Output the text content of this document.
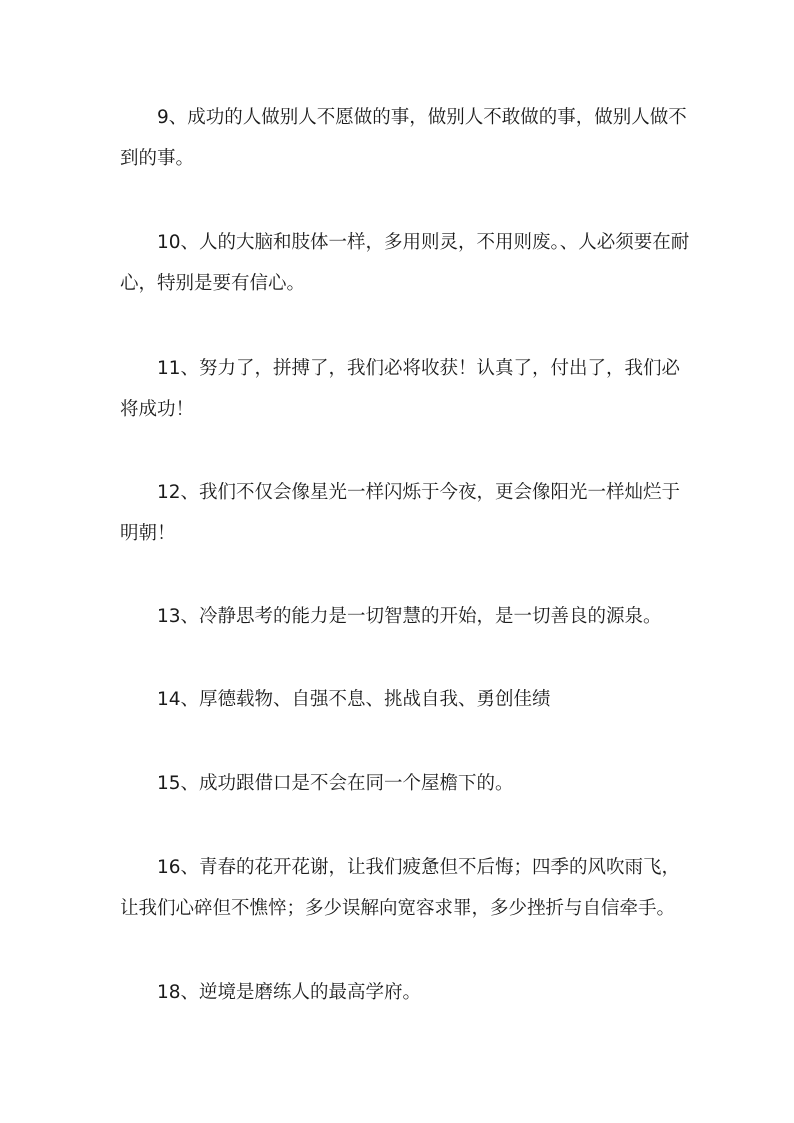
9、成功的人做别人不愿做的事，做别人不敢做的事，做别人做不到的事。

10、人的大脑和肢体一样，多用则灵，不用则废。、人必须要在耐心，特别是要有信心。

11、努力了，拼搏了，我们必将收获！认真了，付出了，我们必将成功！

12、我们不仅会像星光一样闪烁于今夜，更会像阳光一样灿烂于明朝！

13、冷静思考的能力是一切智慧的开始，是一切善良的源泉。

14、厚德载物、自强不息、挑战自我、勇创佳绩

15、成功跟借口是不会在同一个屋檐下的。

16、青春的花开花谢，让我们疲惫但不后悔；四季的风吹雨飞，让我们心碎但不憔悴；多少误解向宽容求罪，多少挫折与自信牵手。

18、逆境是磨练人的最高学府。
